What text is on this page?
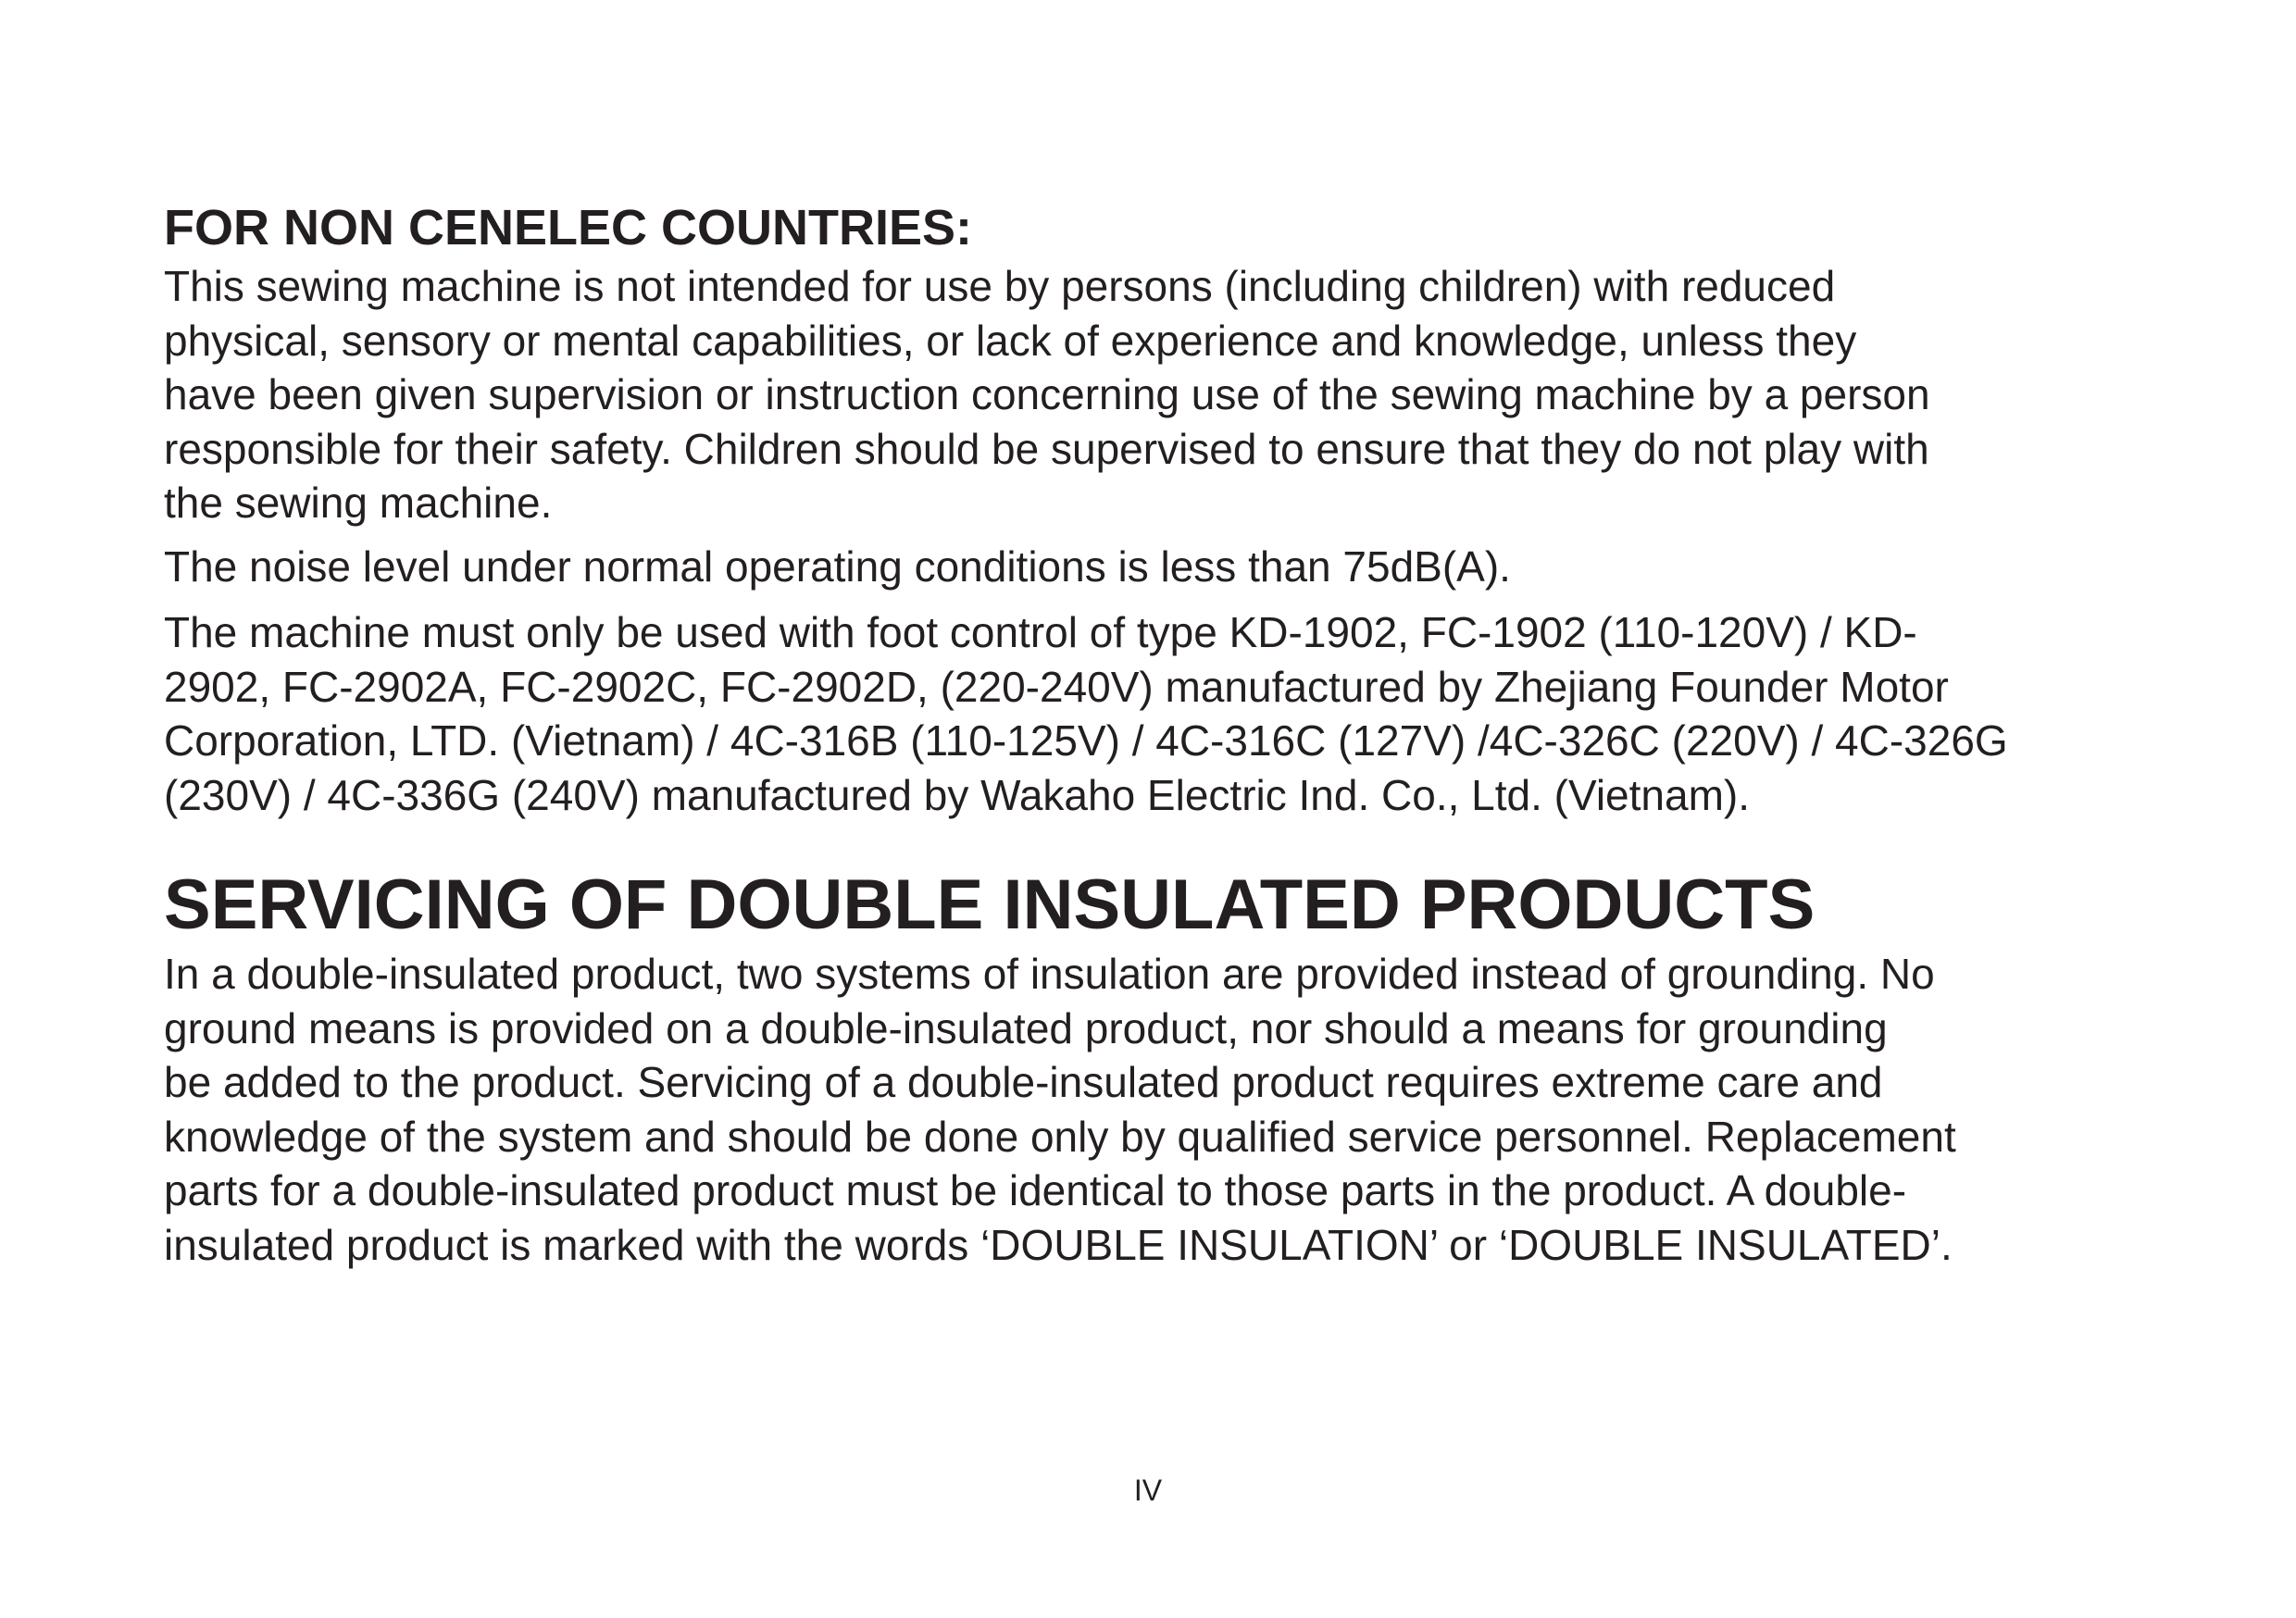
FOR NON CENELEC COUNTRIES:

This sewing machine is not intended for use by persons (including children) with reduced
physical, sensory or mental capabilities, or lack of experience and knowledge, unless they
have been given supervision or instruction concerning use of the sewing machine by a person
responsible for their safety. Children should be supervised to ensure that they do not play with
the sewing machine.

The noise level under normal operating conditions is less than 75dB(A).

The machine must only be used with foot control of type KD-1902, FC-1902 (110-120V) / KD-
2902, FC-2902A, FC-2902C, FC-2902D, (220-240V) manufactured by Zhejiang Founder Motor
Corporation, LTD. (Vietnam) / 4C-316B (110-125V) / 4C-316C (127V) /4C-326C (220V) / 4C-326G
(230V) / 4C-336G (240V) manufactured by Wakaho Electric Ind. Co., Ltd. (Vietnam).

SERVICING OF DOUBLE INSULATED PRODUCTS

In a double-insulated product, two systems of insulation are provided instead of grounding. No
ground means is provided on a double-insulated product, nor should a means for grounding
be added to the product. Servicing of a double-insulated product requires extreme care and
knowledge of the system and should be done only by qualified service personnel. Replacement
parts for a double-insulated product must be identical to those parts in the product. A double-
insulated product is marked with the words ‘DOUBLE INSULATION’ or ‘DOUBLE INSULATED’.

IV
